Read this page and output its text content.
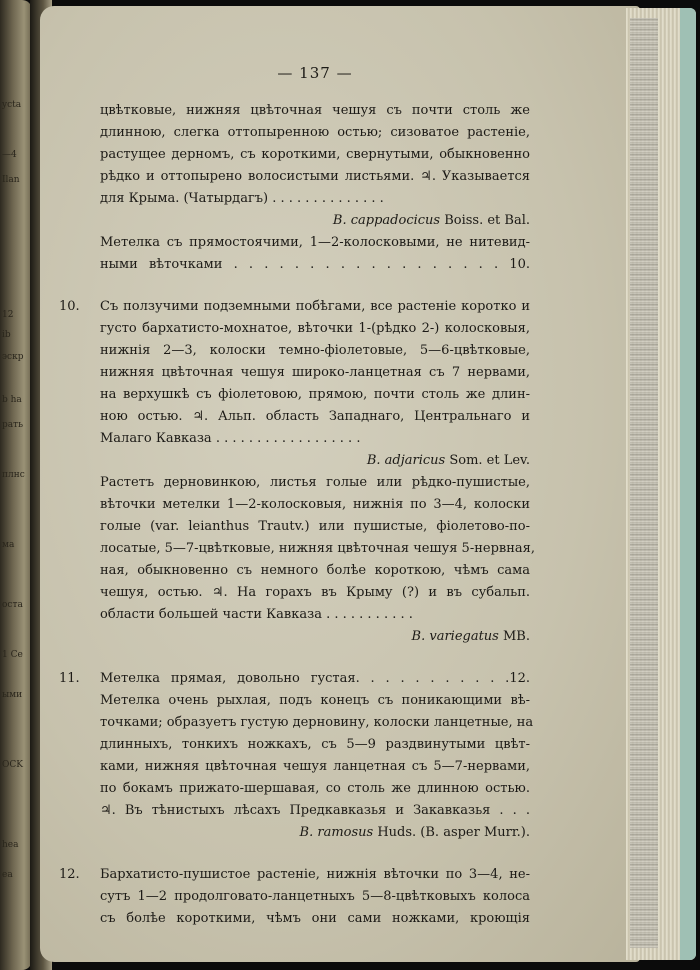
ycta
—4
Ilan
12
ib
эскр
b ha
рать
плнс
ма
оста
1 Ce
ыми
OCK
hea
ea
— 137 —
цвѣтковые, нижняя цвѣточная чешуя съ почти столь же
длинною, слегка оттопыренною остью; сизоватое растеніе,
растущее дерномъ, съ короткими, свернутыми, обыкновенно
рѣдко и оттопырено волосистыми листьями. ♃. Указывается
для Крыма. (Чатырдагъ) . . . . . . . . . . . . . .
B. cappadocicus Boiss. et Bal.
Метелка съ прямостоячими, 1—2-колосковыми, не нитевид-
ными вѣточками . . . . . . . . . . . . . . . . . . 10.
Съ ползучими подземными побѣгами, все растеніе коротко и
10.
густо бархатисто-мохнатое, вѣточки 1-(рѣдко 2-) колосковыя,
нижнія 2—3, колоски темно-фіолетовые, 5—6-цвѣтковые,
нижняя цвѣточная чешуя широко-ланцетная съ 7 нервами,
на верхушкѣ съ фіолетовою, прямою, почти столь же длин-
ною остью. ♃. Альп. область Западнаго, Центральнаго и
Малаго Кавказа . . . . . . . . . . . . . . . . . .
B. adjaricus Som. et Lev.
Растетъ дерновинкою, листья голые или рѣдко-пушистые,
вѣточки метелки 1—2-колосковыя, нижнія по 3—4, колоски
голые (var. leianthus Trautv.) или пушистые, фіолетово-по-
лосатые, 5—7-цвѣтковые, нижняя цвѣточная чешуя 5-нервная,
ная, обыкновенно съ немного болѣе короткою, чѣмъ сама
чешуя, остью. ♃. На горахъ въ Крыму (?) и въ субальп.
области большей части Кавказа . . . . . . . . . . .
B. variegatus MB.
Метелка прямая, довольно густая. . . . . . . . . . .12.
11.
Метелка очень рыхлая, подъ конецъ съ поникающими вѣ-
точками; образуетъ густую дерновину, колоски ланцетные, на
длинныхъ, тонкихъ ножкахъ, съ 5—9 раздвинутыми цвѣт-
ками, нижняя цвѣточная чешуя ланцетная съ 5—7-нервами,
по бокамъ прижато-шершавая, со столь же длинною остью.
♃. Въ тѣнистыхъ лѣсахъ Предкавказья и Закавказья . . .
B. ramosus Huds. (B. asper Murr.).
Бархатисто-пушистое растеніе, нижнія вѣточки по 3—4, не-
12.
сутъ 1—2 продолговато-ланцетныхъ 5—8-цвѣтковыхъ колоса
съ болѣе короткими, чѣмъ они сами ножками, кроющія
